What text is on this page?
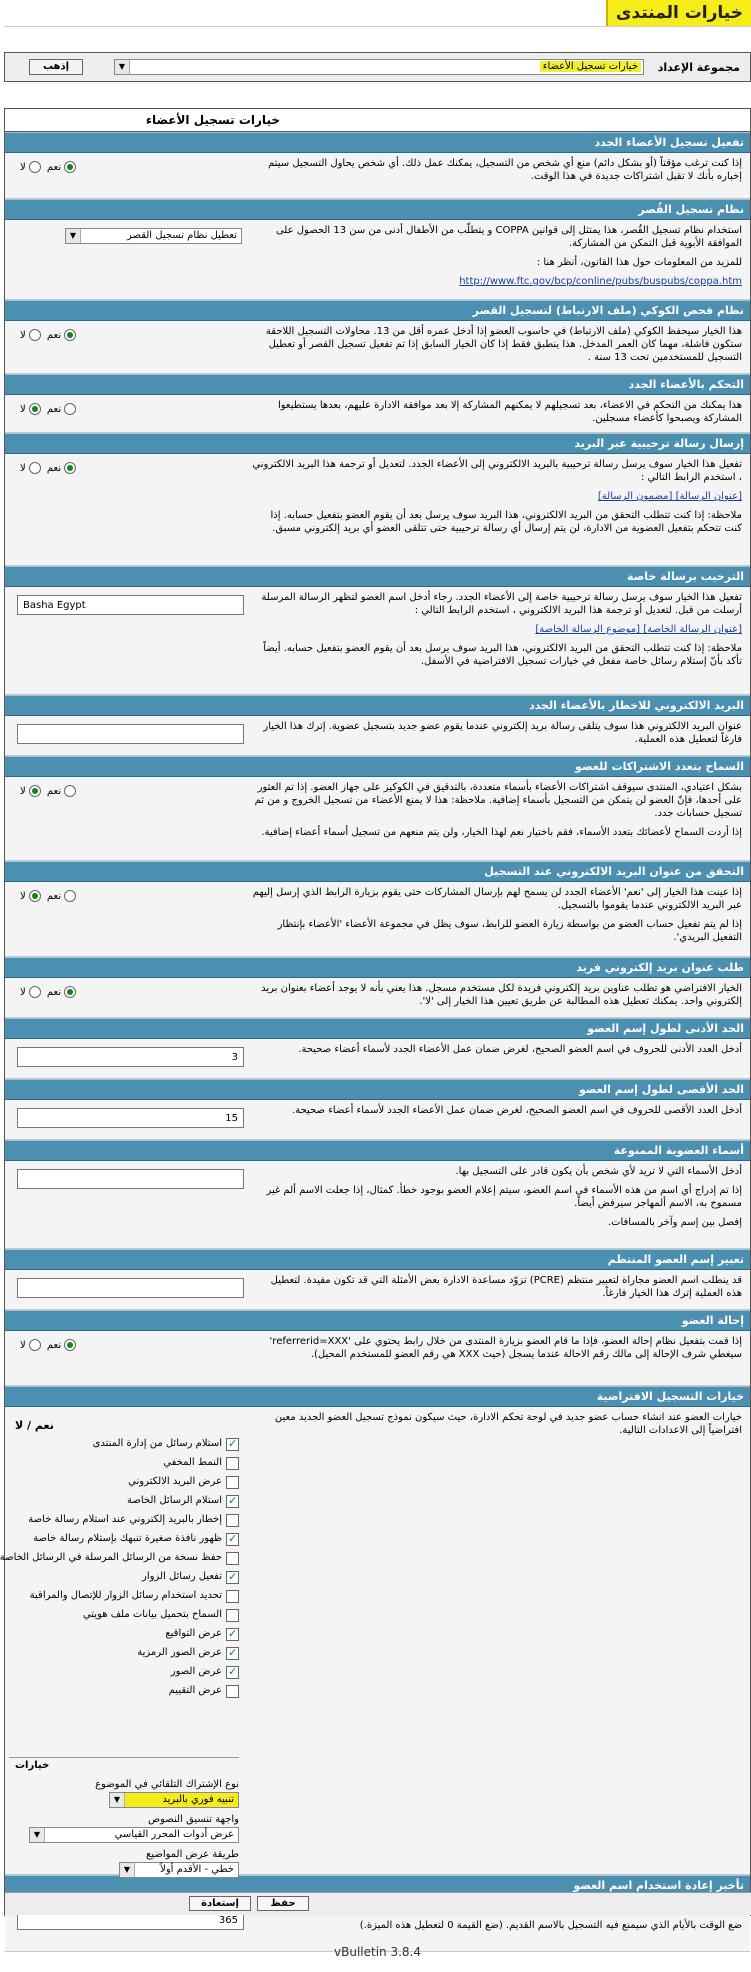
خيارات المنتدى
مجموعة الإعداد
خيارات تسجيل الأعضاء
▼
إذهب
خيارات تسجيل الأعضاء
تفعيل تسجيل الأعضاء الجدد
إذا كنت ترغب مؤقتاً (أو بشكل دائم) منع أي شخص من التسجيل، يمكنك عمل ذلك. أي شخص يحاول التسجيل سيتم إخباره بأنك لا تقبل اشتراكات جديدة في هذا الوقت.
نعم لا
نظام تسجيل القُصر

استخدام نظام تسجيل القُصر، هذا يمتثل إلى قوانين COPPA و يتطلّب من الأطفال أدنى من سن 13 الحصول على الموافقة الأبوية قبل التمكن من المشاركة.

للمزيد من المعلومات حول هذا القانون، أنظر هنا :

http://www.ftc.gov/bcp/conline/pubs/buspubs/coppa.htm

تعطيل نظام تسجيل القصر
▼
نظام فحص الكوكي (ملف الارتباط) لتسجيل القصر
هذا الخيار سيحفظ الكوكي (ملف الارتباط) في حاسوب العضو إذا أدخل عمره أقل من 13. محاولات التسجيل اللاحقة ستكون فاشلة، مهما كان العمر المدخل. هذا ينطبق فقط إذا كان الخيار السابق إذا تم تفعيل تسجيل القصر أو تعطيل التسجيل للمستخدمين تحت 13 سنة .
نعم لا
التحكم بالأعضاء الجدد
هذا يمكنك من التحكم في الاعضاء، بعد تسجيلهم لا يمكنهم المشاركة إلا بعد موافقة الادارة عليهم، بعدها يستطيعوا المشاركة ويصبحوا كأعضاء مسجلين.
نعم لا
إرسال رسالة ترحيبية عبر البريد

تفعيل هذا الخيار سوف يرسل رسالة ترحيبية بالبريد الالكتروني إلى الأعضاء الجدد. لتعديل أو ترجمة هذا البريد الالكتروني ، استخدم الرابط التالي :

[عنوان الرسالة] [مضمون الرسالة]

ملاحظة: إذا كنت تتطلب التحقق من البريد الالكتروني، هذا البريد سوف يرسل بعد أن يقوم العضو بتفعيل حسابه. إذا كنت تتحكم بتفعيل العضوية من الادارة، لن يتم إرسال أي رسالة ترحيبية حتى تتلقى العضو أي بريد إلكتروني مسبق.

نعم لا
الترحيب برسالة خاصة

تفعيل هذا الخيار سوف يرسل رسالة ترحيبية خاصة إلى الأعضاء الجدد. رجاء أدخل اسم العضو لتظهر الرسالة المرسلة أرسلت من قبل. لتعديل أو ترجمة هذا البريد الالكتروني ، استخدم الرابط التالي :

[عنوان الرسالة الخاصة] [موضوع الرسالة الخاصة]

ملاحظة: إذا كنت تتطلب التحقق من البريد الالكتروني، هذا البريد سوف يرسل بعد أن يقوم العضو بتفعيل حسابه. أيضاً تأكد بأنّ إستلام رسائل خاصة مفعل في خيارات تسجيل الافتراضية في الأسفل.

Basha Egypt
البريد الالكتروني للاخطار بالأعضاء الجدد
عنوان البريد الالكتروني هذا سوف يتلقى رسالة بريد إلكتروني عندما يقوم عضو جديد بتسجيل عضوية. إترك هذا الخيار فارغاً لتعطيل هذه العملية.
السماح بتعدد الاشتراكات للعضو

بشكل اعتيادي، المنتدى سيوقف اشتراكات الأعضاء بأسماء متعددة، بالتدقيق في الكوكيز على جهاز العضو. إذا تم العثور على أحدها، فإنّ العضو لن يتمكن من التسجيل بأسماء إضافية. ملاحظة: هذا لا يمنع الأعضاء من تسجيل الخروج و من ثم تسجيل حسابات جدد.

إذا أردت السماح لأعضائك بتعدد الأسماء، فقم باختيار نعم لهذا الخيار، ولن يتم منعهم من تسجيل أسماء أعضاء إضافية.

نعم لا
التحقق من عنوان البريد الالكتروني عند التسجيل

إذا عينت هذا الخيار إلى 'نعم' الأعضاء الجدد لن يسمح لهم بإرسال المشاركات حتى يقوم بزيارة الرابط الذي إرسل إليهم عبر البريد الالكتروني عندما يقوموا بالتسجيل.

إذا لم يتم تفعيل حساب العضو من بواسطة زيارة العضو للرابط، سوف يظل في مجموعة الأعضاء 'الأعضاء بإنتظار التفعيل البريدي'.

نعم لا
طلب عنوان بريد إلكتروني فريد
الخيار الافتراضي هو تطلب عناوين بريد إلكتروني فريدة لكل مستخدم مسجل. هذا يعني بأنه لا يوجد أعضاء بعنوان بريد إلكتروني واحد. يمكنك تعطيل هذه المطالبة عن طريق تعيين هذا الخيار إلى 'لا'.
نعم لا
الحد الأدنى لطول إسم العضو
أدخل العدد الأدنى للحروف في اسم العضو الصحيح، لغرض ضمان عمل الأعضاء الجدد لأسماء أعضاء صحيحة.
3
الحد الأقصى لطول إسم العضو
أدخل العدد الأقصى للحروف في اسم العضو الصحيح، لغرض ضمان عمل الأعضاء الجدد لأسماء أعضاء صحيحة.
15
أسماء العضوية الممنوعة

أدخل الأسماء التي لا تريد لأي شخص بأن يكون قادر على التسجيل بها.

إذا تم إدراج أي اسم من هذه الأسماء في اسم العضو، سيتم إعلام العضو بوجود خطأ. كمثال، إذا جعلت الاسم ألم غير مسموح به، الاسم ألمهاجر سيرفض أيضاً.

إفصل بين إسم وآخر بالمسافات.

تعبير إسم العضو المنتظم
قد ينطلب اسم العضو مجاراة لتعبير منتظم (PCRE) تزوّد مساعدة الادارة بعض الأمثلة التي قد تكون مفيدة. لتعطيل هذه العملية إترك هذا الخيار فارغاً.
إحالة العضو
إذا قمت بتفعيل نظام إحالة العضو، فإذا ما قام العضو بزيارة المنتدى من خلال رابط يحتوي على 'referrerid=XXX' سيغطي شرف الإحالة إلى مالك رقم الاحالة عندما يسجل (حيث XXX هي رقم العضو للمستخدم المحيل).
نعم لا
خيارات التسجيل الافتراضية
خيارات العضو عند انشاء حساب عضو جديد في لوحة تحكم الادارة، حيث سيكون نموذج تسجيل العضو الجديد معين افتراضياً إلى الاعدادات التالية.
نعم / لا
✓
استلام رسائل من إدارة المنتدى
النمط المخفي
عرض البريد الالكتروني
✓
استلام الرسائل الخاصة
إخطار بالبريد إلكتروني عند استلام رسالة خاصة
✓
ظهور نافذة صغيرة تنبهك بإستلام رسالة خاصة
حفظ نسخة من الرسائل المرسلة في الرسائل الخاصة
✓
تفعيل رسائل الزوار
تحديد استخدام رسائل الزوار للإتصال والمراقبة
السماح بتحميل بيانات ملف هويتي
✓
عرض التواقيع
✓
عرض الصور الرمزية
✓
عرض الصور
عرض التقييم
خيارات
نوع الإشتراك التلقائي في الموضوع
تنبيه فوري بالبريد
▼
واجهة تنسيق النصوص
عرض أدوات المحرر القياسي
▼
طريقة عرض المواضيع
خطي - الأقدم أولاً
▼
تأخير إعادة استخدام اسم العضو

ضع الوقت بالأيام الذي سيمنع فيه التسجيل بالاسم القديم. (ضع القيمة 0 لتعطيل هذه الميزة.)

365
حفظ
إستعادة
vBulletin 3.8.4
